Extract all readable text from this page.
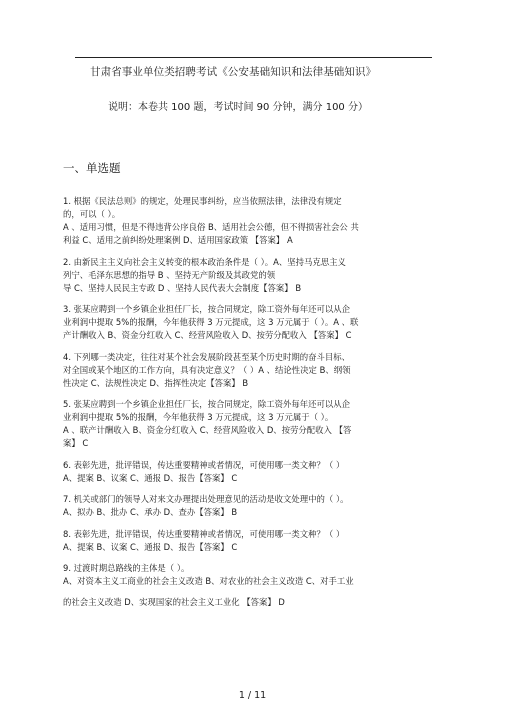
甘肃省事业单位类招聘考试《公安基础知识和法律基础知识》
说明：本卷共 100 题，考试时间 90 分钟，满分 100 分）
一、单选题
1. 根据《民法总则》的规定，处理民事纠纷，应当依照法律，法律没有规定
的，可以（ ）。
A 、适用习惯，但是不得违背公序良俗 B、适用社会公德，但不得损害社会公 共
利益 C、适用之前纠纷处理案例 D、适用国家政策 【答案】 A
2. 由新民主主义向社会主义转变的根本政治条件是（ ）。A、坚持马克思主义
列宁、毛泽东思想的指导 B 、坚持无产阶级及其政党的领
导 C、坚持人民民主专政 D 、坚持人民代表大会制度【答案】 B
3. 张某应聘到一个乡镇企业担任厂长，按合同规定，除工资外每年还可以从企
业利润中提取 5%的报酬，今年他获得 3 万元提成，这 3 万元属于（ ）。A 、联
产计酬收入 B、资金分红收入 C、经营风险收入 D、按劳分配收入 【答案】 C
4. 下列哪一类决定，往往对某个社会发展阶段甚至某个历史时期的奋斗目标、
对全国或某个地区的工作方向，具有决定意义？（ ）A 、结论性决定 B、纲领
性决定 C、法规性决定 D、指挥性决定【答案】 B
5. 张某应聘到一个乡镇企业担任厂长，按合同规定，除工资外每年还可以从企
业利润中提取 5%的报酬，今年他获得 3 万元提成，这 3 万元属于（ ）。
A 、联产计酬收入 B、资金分红收入 C、经营风险收入 D、按劳分配收入 【答
案】 C
6. 表彰先进，批评错误，传达重要精神或者情况，可使用哪一类文种？（ ）
A、提案 B、议案 C、通报 D、报告【答案】 C
7. 机关或部门的领导人对来文办理提出处理意见的活动是收文处理中的（ ）。
A、拟办 B、批办 C、承办 D、查办【答案】 B
8. 表彰先进，批评错误，传达重要精神或者情况，可使用哪一类文种？（ ）
A、提案 B、议案 C、通报 D、报告【答案】 C
9. 过渡时期总路线的主体是（ ）。
A、对资本主义工商业的社会主义改造 B、对农业的社会主义改造 C、对手工业
的社会主义改造 D、实现国家的社会主义工业化 【答案】 D
1 / 11
